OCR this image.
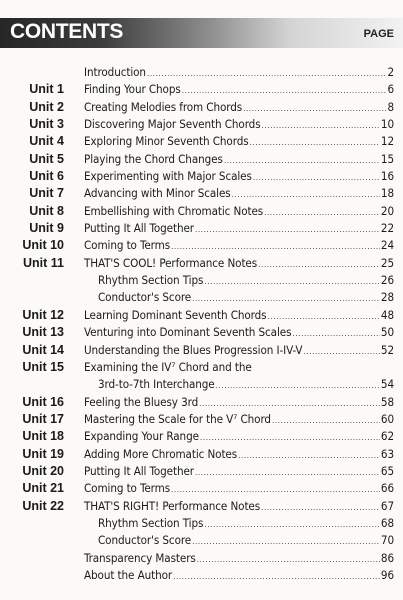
CONTENTS	PAGE
Introduction .....	2
Unit 1 Finding Your Chops .....	6
Unit 2 Creating Melodies from Chords .....	8
Unit 3 Discovering Major Seventh Chords .....	10
Unit 4 Exploring Minor Seventh Chords .....	12
Unit 5 Playing the Chord Changes .....	15
Unit 6 Experimenting with Major Scales .....	16
Unit 7 Advancing with Minor Scales .....	18
Unit 8 Embellishing with Chromatic Notes .....	20
Unit 9 Putting It All Together .....	22
Unit 10 Coming to Terms .....	24
Unit 11 THAT'S COOL! Performance Notes .....	25
Rhythm Section Tips .....	26
Conductor's Score .....	28
Unit 12 Learning Dominant Seventh Chords .....	48
Unit 13 Venturing into Dominant Seventh Scales .....	50
Unit 14 Understanding the Blues Progression I-IV-V .....	52
Unit 15 Examining the IV⁷ Chord and the
3rd-to-7th Interchange .....	54
Unit 16 Feeling the Bluesy 3rd .....	58
Unit 17 Mastering the Scale for the V⁷ Chord .....	60
Unit 18 Expanding Your Range .....	62
Unit 19 Adding More Chromatic Notes .....	63
Unit 20 Putting It All Together .....	65
Unit 21 Coming to Terms .....	66
Unit 22 THAT'S RIGHT! Performance Notes .....	67
Rhythm Section Tips .....	68
Conductor's Score .....	70
Transparency Masters .....	86
About the Author .....	96
